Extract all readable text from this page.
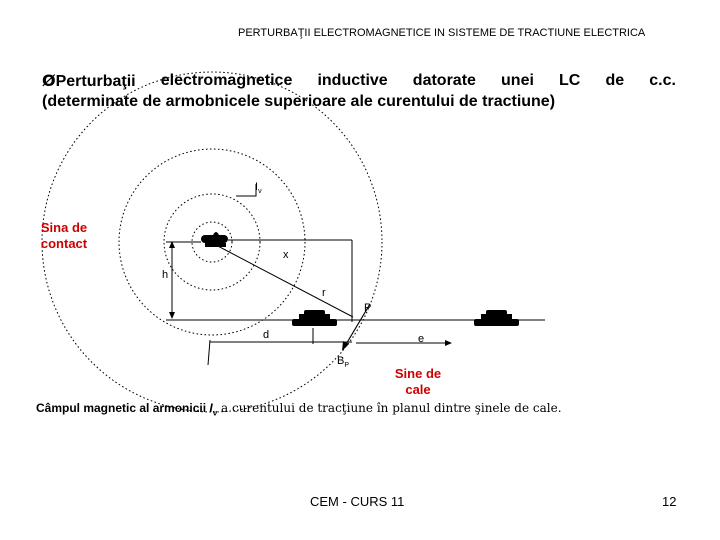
PERTURBAŢII ELECTROMAGNETICE IN SISTEME DE TRACTIUNE ELECTRICA
ØPerturbaţii electromagnetice inductive datorate unei LC de c.c.
(determinate de armobnicele superioare ale curentului de tractiune)
$I_\nu$
x
h
r
P
d	e
$B_P$
Sina de contact
Sine de cale
Câmpul magnetic al armonicii $I_\nu$ a curentului de tracţiune în planul dintre şinele de cale.
CEM - CURS 11	12
